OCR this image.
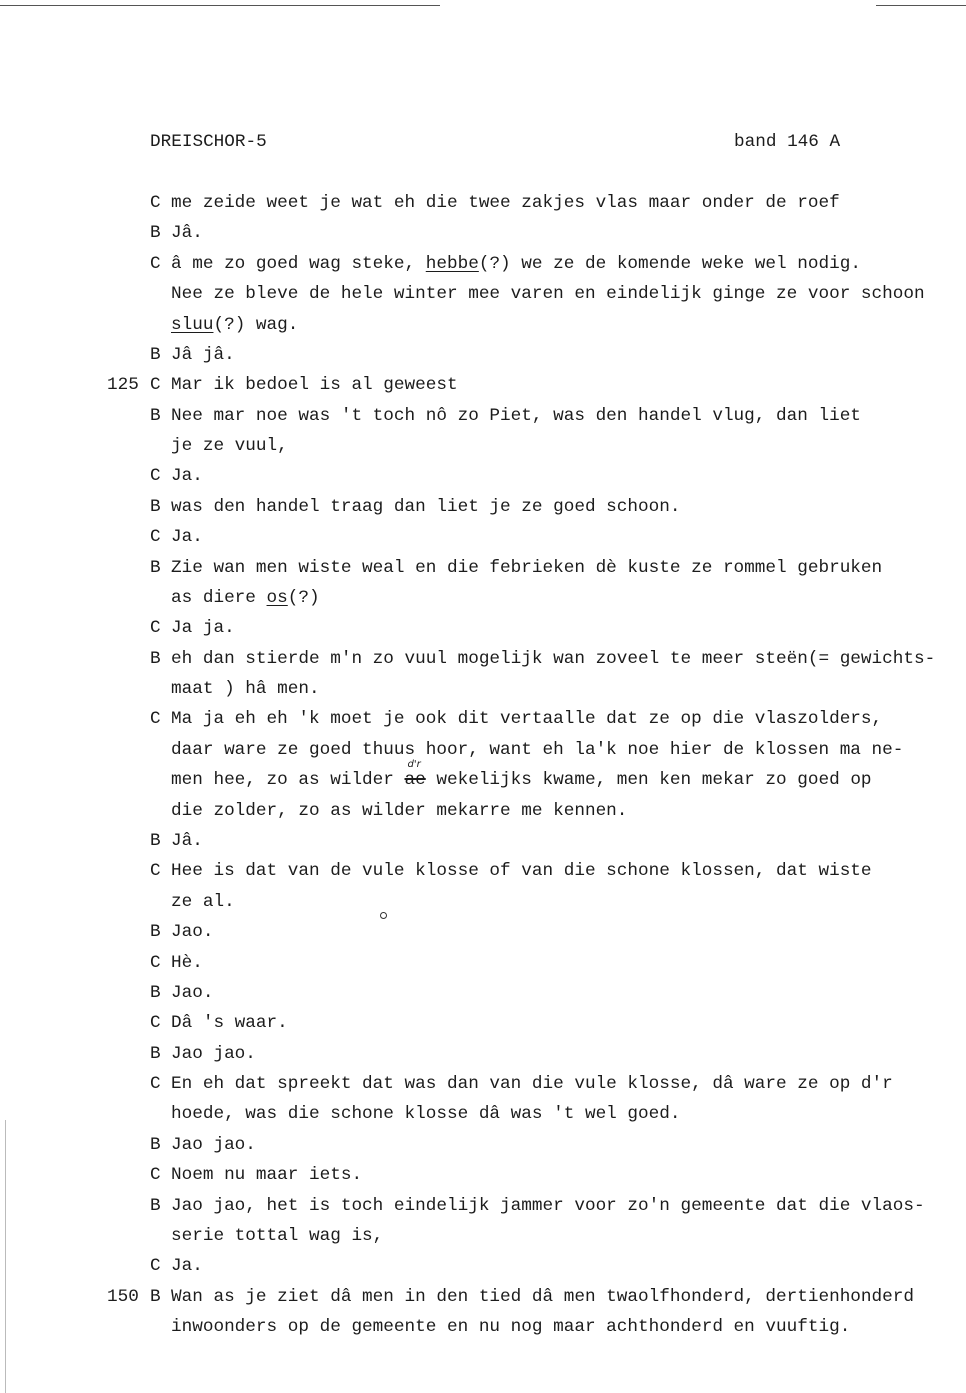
DREISCHOR-5	band 146 A
C me zeide weet je wat eh die twee zakjes vlas maar onder de roef
B Jâ.
C â me zo goed wag steke, hebbe(?) we ze de komende weke wel nodig.
Nee ze bleve de hele winter mee varen en eindelijk ginge ze voor schoon
sluu(?) wag.
B Jâ jâ.
125 C Mar ik bedoel is al geweest
B Nee mar noe was 't toch nô zo Piet, was den handel vlug, dan liet
je ze vuul,
C Ja.
B was den handel traag dan liet je ze goed schoon.
C Ja.
B Zie wan men wiste weal en die febrieken dè kuste ze rommel gebruken
as diere os(?)
C Ja ja.
B eh dan stierde m'n zo vuul mogelijk wan zoveel te meer steën(= gewichts-
maat ) hâ men.
C Ma ja eh eh 'k moet je ook dit vertaalle dat ze op die vlaszolders,
daar ware ze goed thuus hoor, want eh la'k noe hier de klossen ma ne-
men hee, zo as wilder ae
d'r
wekelijks kwame, men ken mekar zo goed op
die zolder, zo as wilder mekarre me kennen.
B Jâ.
C Hee is dat van de vule klosse of van die schone klossen, dat wiste
ze al.
B Jao.
C Hè.
B Jao.
C Dâ 's waar.
B Jao jao.
C En eh dat spreekt dat was dan van die vule klosse, dâ ware ze op d'r
hoede, was die schone klosse dâ was 't wel goed.
B Jao jao.
C Noem nu maar iets.
B Jao jao, het is toch eindelijk jammer voor zo'n gemeente dat die vlaos-
serie tottal wag is,
C Ja.
150 B Wan as je ziet dâ men in den tied dâ men twaolfhonderd, dertienhonderd
inwoonders op de gemeente en nu nog maar achthonderd en vuuftig.
